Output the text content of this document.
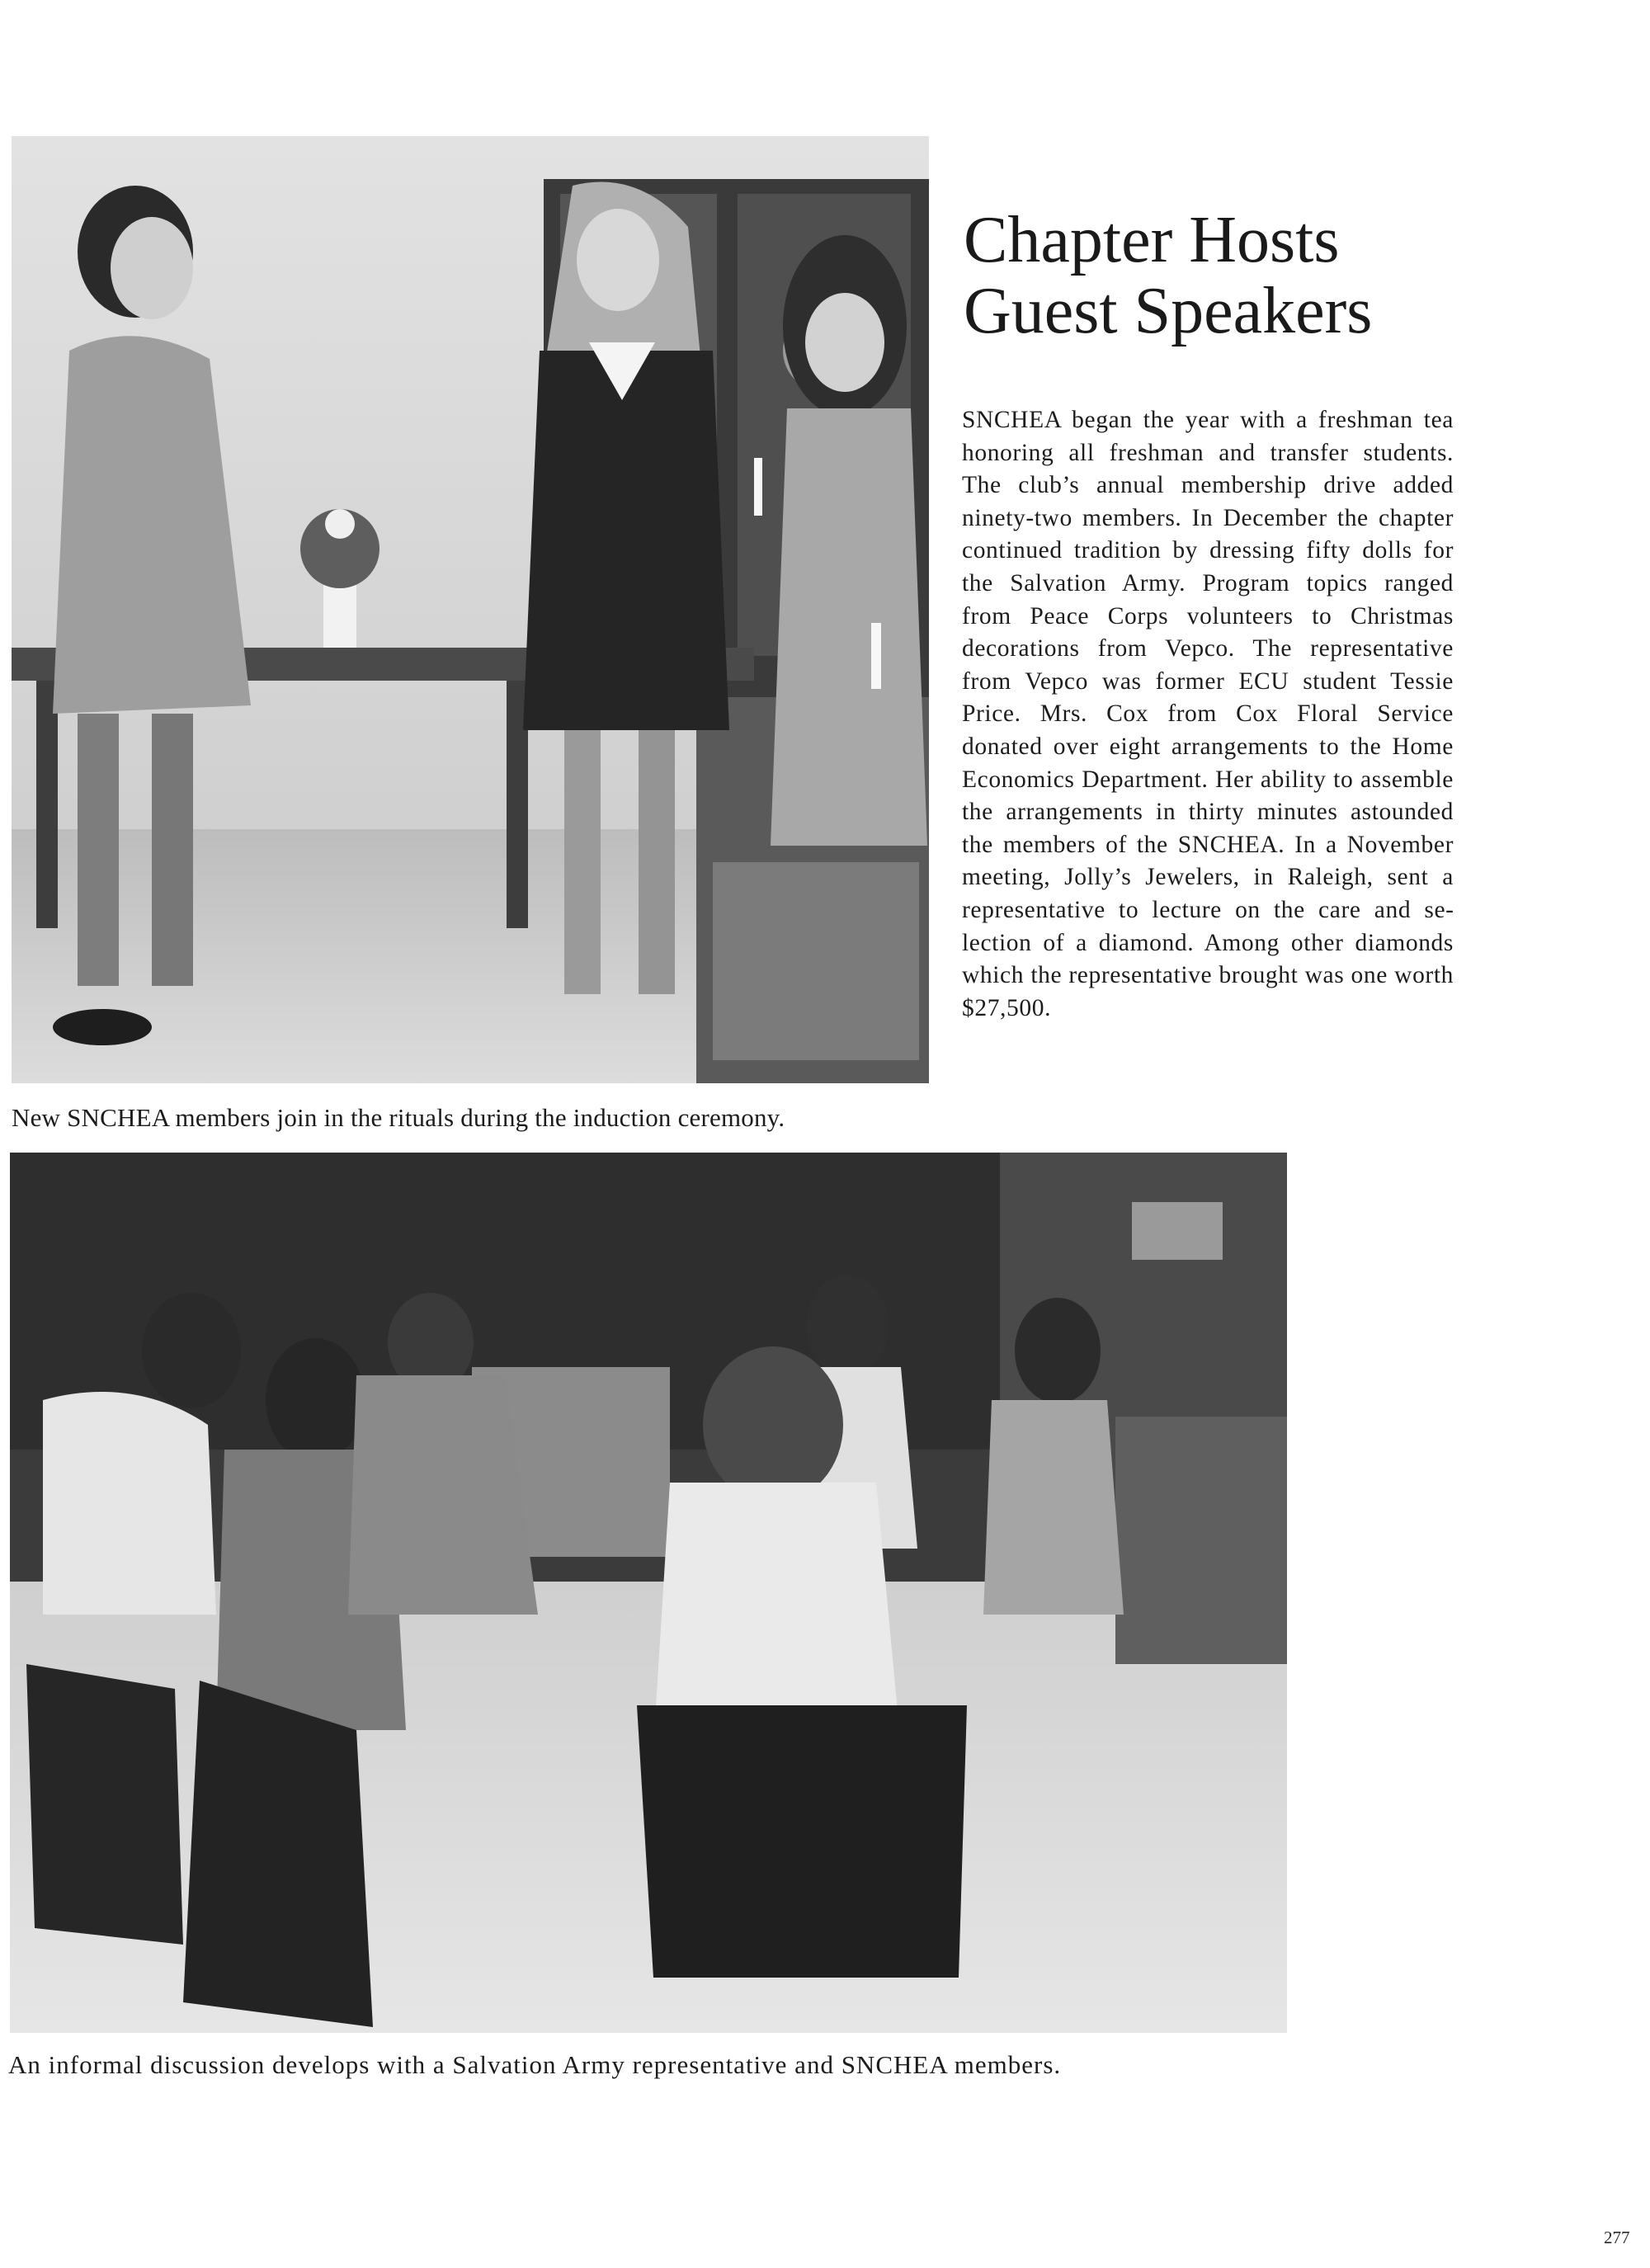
Chapter Hosts
Guest Speakers

SNCHEA began the year with a freshman tea honoring all freshman and transfer students. The club’s annual membership drive added ninety-two members. In December the chapter continued tradition by dressing fifty dolls for the Salvation Army. Program topics ranged from Peace Corps volunteers to Christmas decorations from Vepco. The representative from Vepco was former ECU student Tessie Price. Mrs. Cox from Cox Floral Service donated over eight arrangements to the Home Economics Department. Her ability to assemble the arrangements in thirty minutes astounded the members of the SNCHEA. In a November meeting, Jolly’s Jewelers, in Raleigh, sent a representative to lecture on the care and selection of a diamond. Among other diamonds which the representative brought was one worth $27,500.

New SNCHEA members join in the rituals during the induction ceremony.

An informal discussion develops with a Salvation Army representative and SNCHEA members.

277
